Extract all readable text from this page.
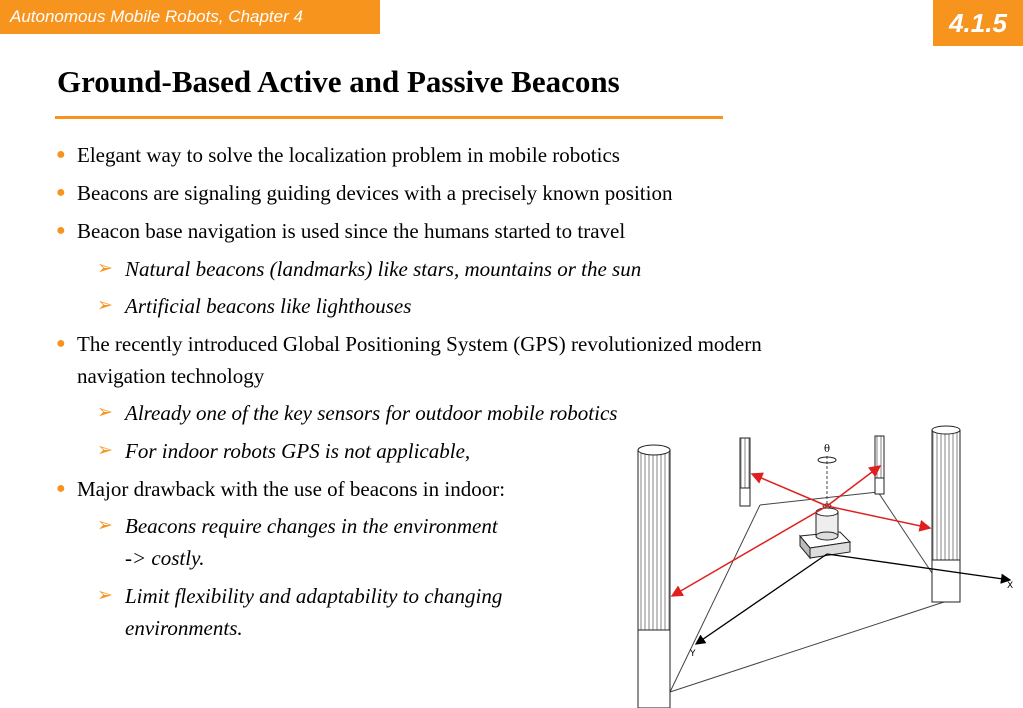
Autonomous Mobile Robots, Chapter 4	4.1.5
Ground-Based Active and Passive Beacons
● Elegant way to solve the localization problem in mobile robotics
● Beacons are signaling guiding devices with a precisely known position
● Beacon base navigation is used since the humans started to travel
➢ Natural beacons (landmarks) like stars, mountains or the sun
➢ Artificial beacons like lighthouses
● The recently introduced Global Positioning System (GPS) revolutionized modern
navigation technology
➢ Already one of the key sensors for outdoor mobile robotics
➢ For indoor robots GPS is not applicable,
● Major drawback with the use of beacons in indoor:
➢ Beacons require changes in the environment
-> costly.
➢ Limit flexibility and adaptability to changing
environments.
θ
X
Y
